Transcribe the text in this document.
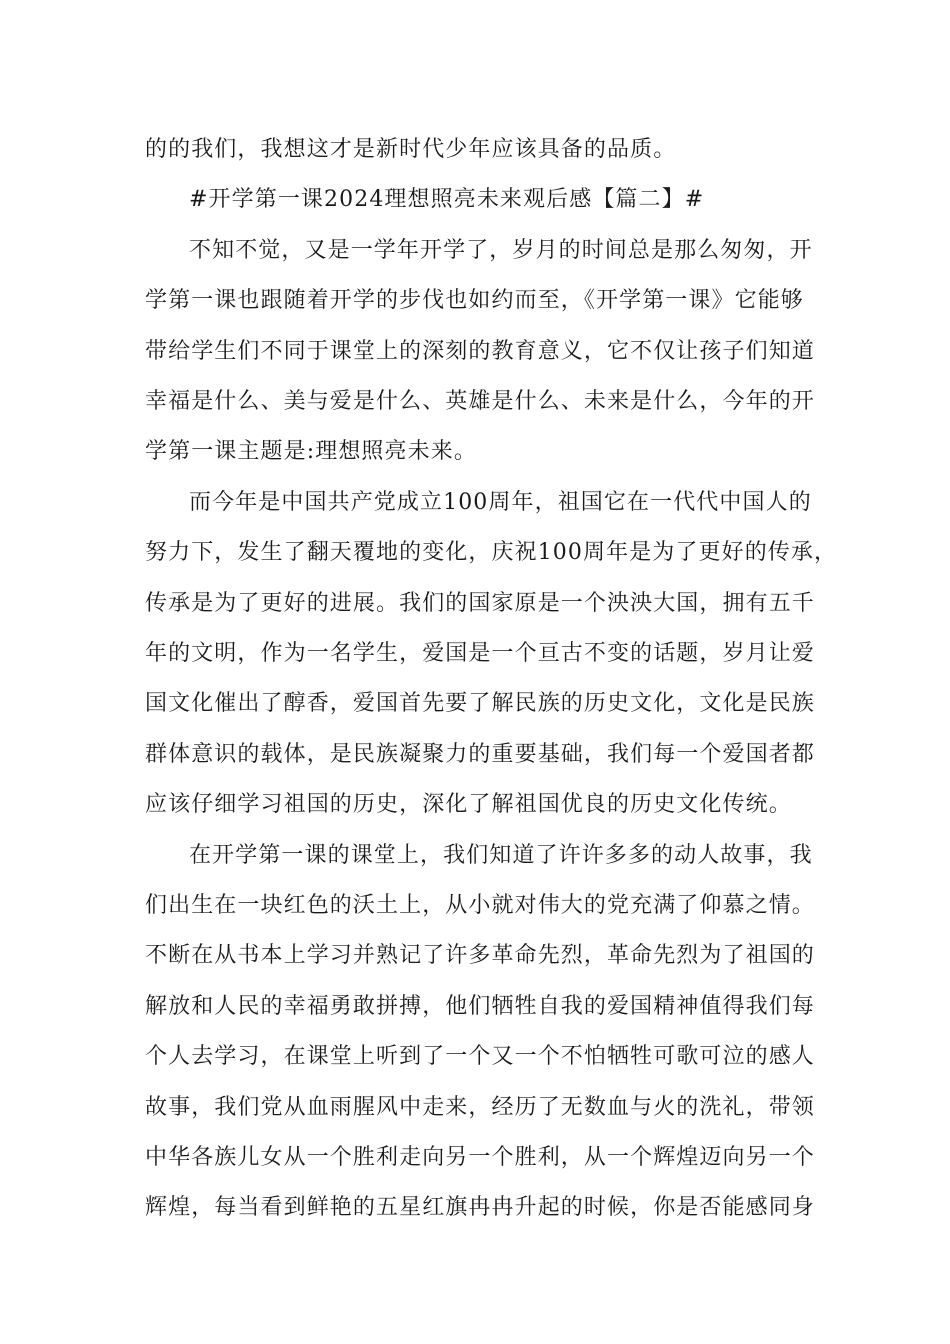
的的我们，我想这才是新时代少年应该具备的品质。
#开学第一课2024理想照亮未来观后感【篇二】#
不知不觉，又是一学年开学了，岁月的时间总是那么匆匆，开
学第一课也跟随着开学的步伐也如约而至，《开学第一课》它能够
带给学生们不同于课堂上的深刻的教育意义，它不仅让孩子们知道
幸福是什么、美与爱是什么、英雄是什么、未来是什么，今年的开
学第一课主题是:理想照亮未来。
而今年是中国共产党成立100周年，祖国它在一代代中国人的
努力下，发生了翻天覆地的变化，庆祝100周年是为了更好的传承，
传承是为了更好的进展。我们的国家原是一个泱泱大国，拥有五千
年的文明，作为一名学生，爱国是一个亘古不变的话题，岁月让爱
国文化催出了醇香，爱国首先要了解民族的历史文化，文化是民族
群体意识的载体，是民族凝聚力的重要基础，我们每一个爱国者都
应该仔细学习祖国的历史，深化了解祖国优良的历史文化传统。
在开学第一课的课堂上，我们知道了许许多多的动人故事，我
们出生在一块红色的沃土上，从小就对伟大的党充满了仰慕之情。
不断在从书本上学习并熟记了许多革命先烈，革命先烈为了祖国的
解放和人民的幸福勇敢拼搏，他们牺牲自我的爱国精神值得我们每
个人去学习，在课堂上听到了一个又一个不怕牺牲可歌可泣的感人
故事，我们党从血雨腥风中走来，经历了无数血与火的洗礼，带领
中华各族儿女从一个胜利走向另一个胜利，从一个辉煌迈向另一个
辉煌，每当看到鲜艳的五星红旗冉冉升起的时候，你是否能感同身
